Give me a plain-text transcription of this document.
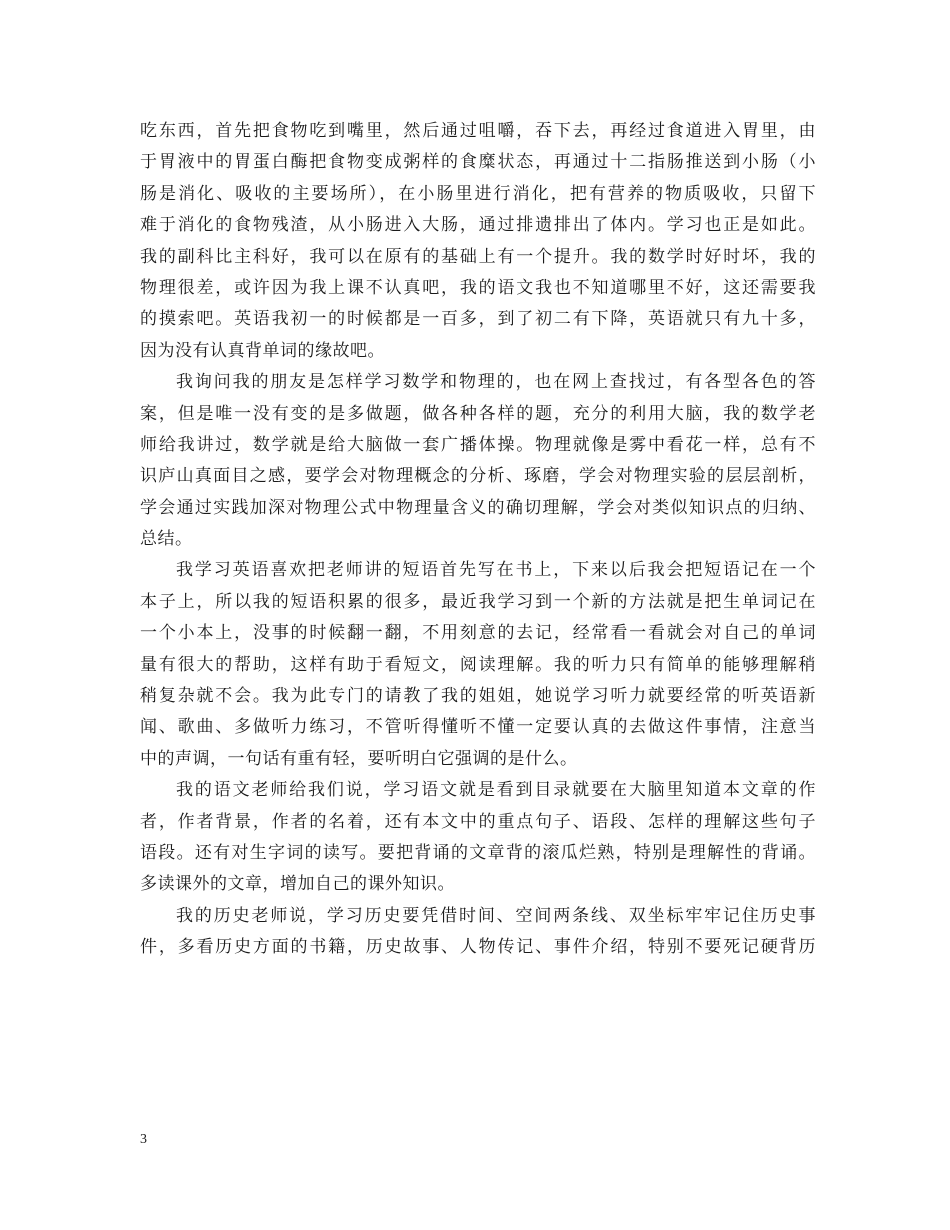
吃东西，首先把食物吃到嘴里，然后通过咀嚼，吞下去，再经过食道进入胃里，由
于胃液中的胃蛋白酶把食物变成粥样的食糜状态，再通过十二指肠推送到小肠（小
肠是消化、吸收的主要场所），在小肠里进行消化，把有营养的物质吸收，只留下
难于消化的食物残渣，从小肠进入大肠，通过排遗排出了体内。学习也正是如此。
我的副科比主科好，我可以在原有的基础上有一个提升。我的数学时好时坏，我的
物理很差，或许因为我上课不认真吧，我的语文我也不知道哪里不好，这还需要我
的摸索吧。英语我初一的时候都是一百多，到了初二有下降，英语就只有九十多，
因为没有认真背单词的缘故吧。
我询问我的朋友是怎样学习数学和物理的，也在网上查找过，有各型各色的答
案，但是唯一没有变的是多做题，做各种各样的题，充分的利用大脑，我的数学老
师给我讲过，数学就是给大脑做一套广播体操。物理就像是雾中看花一样，总有不
识庐山真面目之感，要学会对物理概念的分析、琢磨，学会对物理实验的层层剖析，
学会通过实践加深对物理公式中物理量含义的确切理解，学会对类似知识点的归纳、
总结。
我学习英语喜欢把老师讲的短语首先写在书上，下来以后我会把短语记在一个
本子上，所以我的短语积累的很多，最近我学习到一个新的方法就是把生单词记在
一个小本上，没事的时候翻一翻，不用刻意的去记，经常看一看就会对自己的单词
量有很大的帮助，这样有助于看短文，阅读理解。我的听力只有简单的能够理解稍
稍复杂就不会。我为此专门的请教了我的姐姐，她说学习听力就要经常的听英语新
闻、歌曲、多做听力练习，不管听得懂听不懂一定要认真的去做这件事情，注意当
中的声调，一句话有重有轻，要听明白它强调的是什么。
我的语文老师给我们说，学习语文就是看到目录就要在大脑里知道本文章的作
者，作者背景，作者的名着，还有本文中的重点句子、语段、怎样的理解这些句子
语段。还有对生字词的读写。要把背诵的文章背的滚瓜烂熟，特别是理解性的背诵。
多读课外的文章，增加自己的课外知识。
我的历史老师说，学习历史要凭借时间、空间两条线、双坐标牢牢记住历史事
件，多看历史方面的书籍，历史故事、人物传记、事件介绍，特别不要死记硬背历
3
